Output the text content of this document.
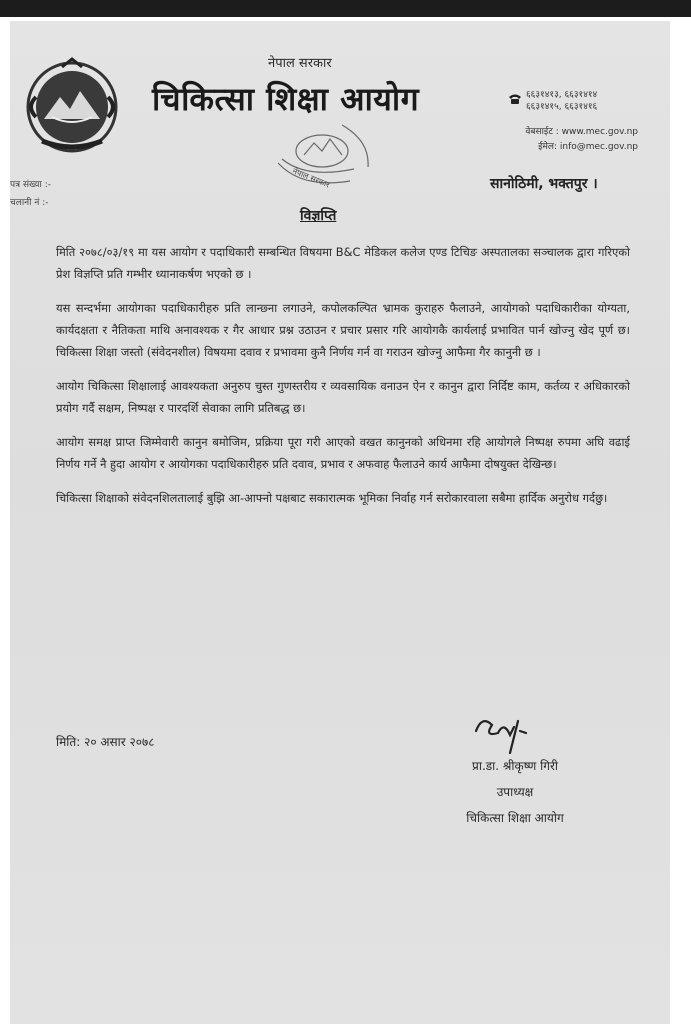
नेपाल सरकार
चिकित्सा शिक्षा आयोग
नेपाल सरकार
६६३१४१३, ६६३१४१४
६६३१४१५, ६६३१४१६
वेबसाईट : www.mec.gov.np
ईमेल: info@mec.gov.np
पत्र संख्या :-
चलानी नं :-
सानोठिमी, भक्तपुर ।
विज्ञप्ति

मिति २०७८/०३/१९ मा यस आयोग र पदाधिकारी सम्बन्धित विषयमा B&C मेडिकल कलेज एण्ड टिचिङ अस्पतालका सञ्चालक द्वारा गरिएको प्रेश विज्ञप्ति प्रति गम्भीर ध्यानाकर्षण भएको छ ।

यस सन्दर्भमा आयोगका पदाधिकारीहरु प्रति लान्छ्ना लगाउने, कपोलकल्पित भ्रामक कुराहरु फैलाउने, आयोगको पदाधिकारीका योग्यता, कार्यदक्षता र नैतिकता माथि अनावश्यक र गैर आधार प्रश्न उठाउन र प्रचार प्रसार गरि आयोगकै कार्यलाई प्रभावित पार्न खोज्नु खेद पूर्ण छ। चिकित्सा शिक्षा जस्तो (संवेदनशील) विषयमा दवाव र प्रभावमा कुनै निर्णय गर्न वा गराउन खोज्नु आफैमा गैर कानुनी छ ।

आयोग चिकित्सा शिक्षालाई आवश्यकता अनुरुप चुस्त गुणस्तरीय र व्यवसायिक वनाउन ऐन र कानुन द्वारा निर्दिष्ट काम, कर्तव्य र अधिकारको प्रयोग गर्दै सक्षम, निष्पक्ष र पारदर्शि सेवाका लागि प्रतिबद्ध छ।

आयोग समक्ष प्राप्त जिम्मेवारी कानुन बमोजिम, प्रक्रिया पूरा गरी आएको वखत कानुनको अधिनमा रहि आयोगले निष्पक्ष रुपमा अघि वढाई निर्णय गर्ने नै हुदा आयोग र आयोगका पदाधिकारीहरु प्रति दवाव, प्रभाव र अफवाह फैलाउने कार्य आफैमा दोषयुक्त देखिन्छ।

चिकित्सा शिक्षाको संवेदनशिलतालाई बुझि आ-आफ्नो पक्षबाट सकारात्मक भूमिका निर्वाह गर्न सरोकारवाला सबैमा हार्दिक अनुरोध गर्दछु।

मिति: २० असार २०७८
प्रा.डा. श्रीकृष्ण गिरी
उपाध्यक्ष
चिकित्सा शिक्षा आयोग
